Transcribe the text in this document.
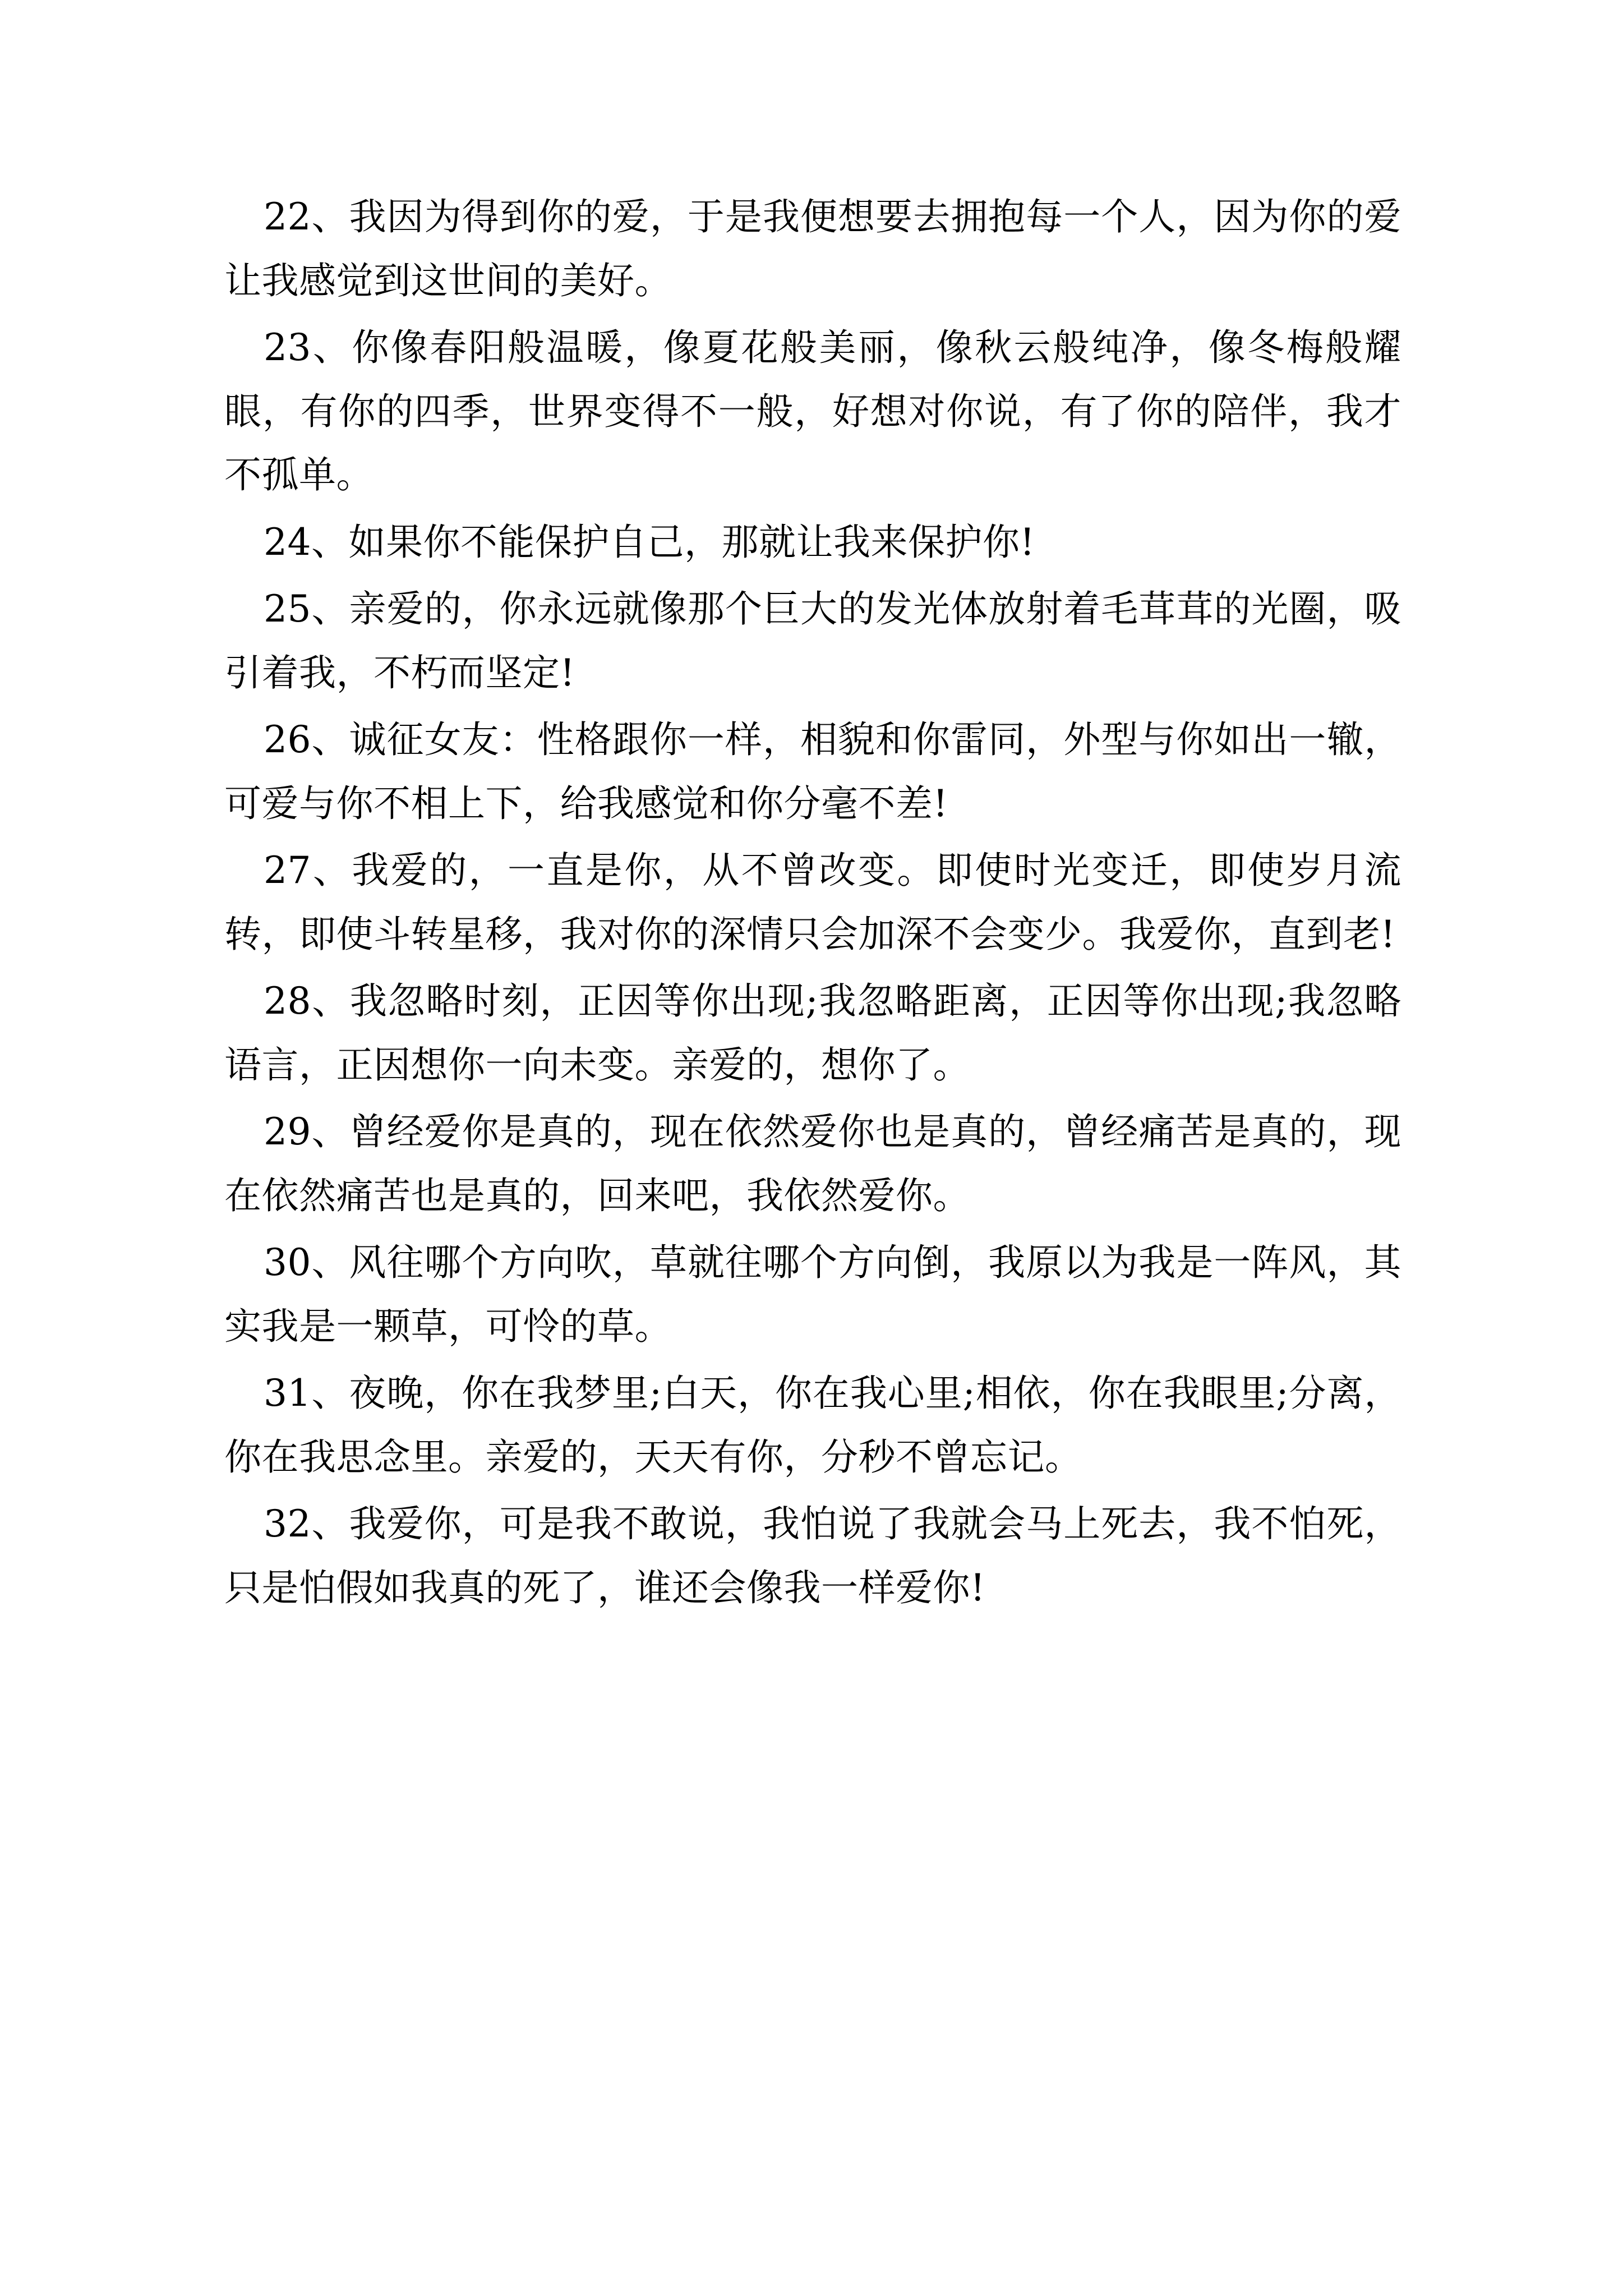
22、我因为得到你的爱，于是我便想要去拥抱每一个人，因为你的爱让我感觉到这世间的美好。

23、你像春阳般温暖，像夏花般美丽，像秋云般纯净，像冬梅般耀眼，有你的四季，世界变得不一般，好想对你说，有了你的陪伴，我才不孤单。

24、如果你不能保护自己，那就让我来保护你!

25、亲爱的，你永远就像那个巨大的发光体放射着毛茸茸的光圈，吸引着我，不朽而坚定!

26、诚征女友：性格跟你一样，相貌和你雷同，外型与你如出一辙，可爱与你不相上下，给我感觉和你分毫不差!

27、我爱的，一直是你，从不曾改变。即使时光变迁，即使岁月流转，即使斗转星移，我对你的深情只会加深不会变少。我爱你，直到老!

28、我忽略时刻，正因等你出现;我忽略距离，正因等你出现;我忽略语言，正因想你一向未变。亲爱的，想你了。

29、曾经爱你是真的，现在依然爱你也是真的，曾经痛苦是真的，现在依然痛苦也是真的，回来吧，我依然爱你。

30、风往哪个方向吹，草就往哪个方向倒，我原以为我是一阵风，其实我是一颗草，可怜的草。

31、夜晚，你在我梦里;白天，你在我心里;相依，你在我眼里;分离，你在我思念里。亲爱的，天天有你，分秒不曾忘记。

32、我爱你，可是我不敢说，我怕说了我就会马上死去，我不怕死，只是怕假如我真的死了，谁还会像我一样爱你!
